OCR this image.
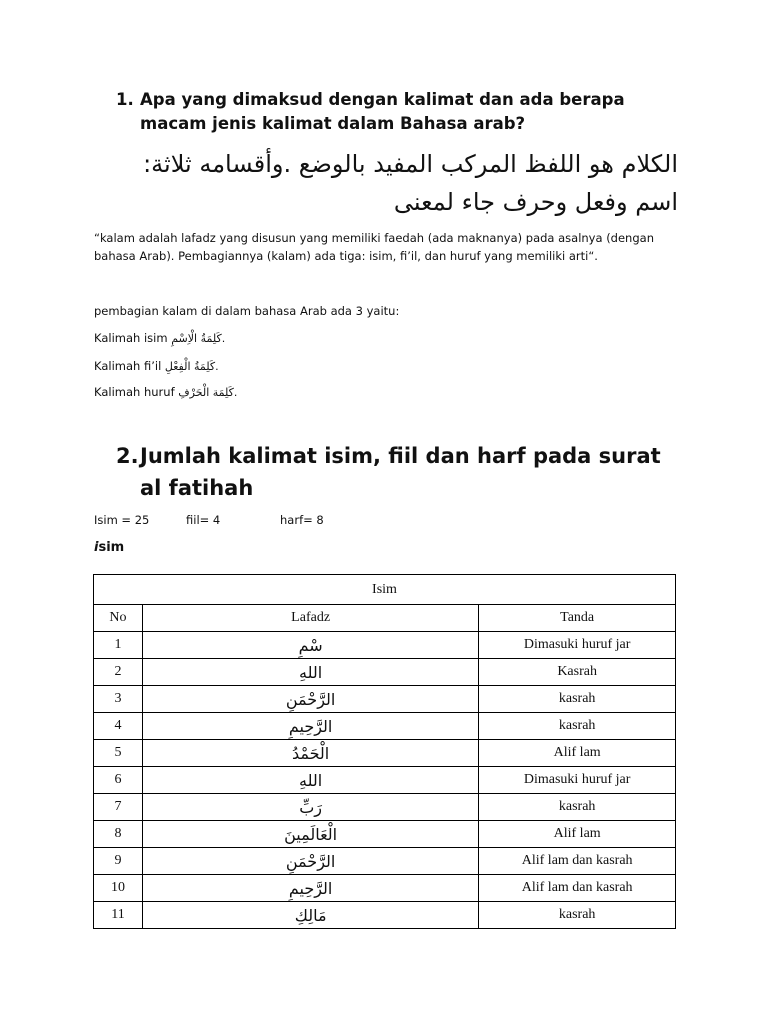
1. Apa yang dimaksud dengan kalimat dan ada berapa macam jenis kalimat dalam Bahasa arab?
الكلام هو اللفظ المركب المفيد بالوضع .وأقسامه ثلاثة: اسم وفعل وحرف جاء لمعنى
“kalam adalah lafadz yang disusun yang memiliki faedah (ada maknanya) pada asalnya (dengan bahasa Arab). Pembagiannya (kalam) ada tiga: isim, fi’il, dan huruf yang memiliki arti“.
pembagian kalam di dalam bahasa Arab ada 3 yaitu:
Kalimah isim كَلِمَةُ الْاِسْمِ.
Kalimah fi’il كَلِمَةُ الْفِعْلِ.
Kalimah huruf كَلِمَة الْحَرْفِ.
2. Jumlah kalimat isim, fiil dan harf pada surat al fatihah
Isim = 25	fiil= 4	harf= 8
isim
Isim		
No	Lafadz	Tanda
1	سْمِ	Dimasuki huruf jar
2	اللهِ	Kasrah
3	الرَّحْمَنِ	kasrah
4	الرَّحِيمِ	kasrah
5	الْحَمْدُ	Alif lam
6	اللهِ	Dimasuki huruf jar
7	رَبِّ	kasrah
8	الْعَالَمِينَ	Alif lam
9	الرَّحْمَنِ	Alif lam dan kasrah
10	الرَّحِيمِ	Alif lam dan kasrah
11	مَالِكِ	kasrah
